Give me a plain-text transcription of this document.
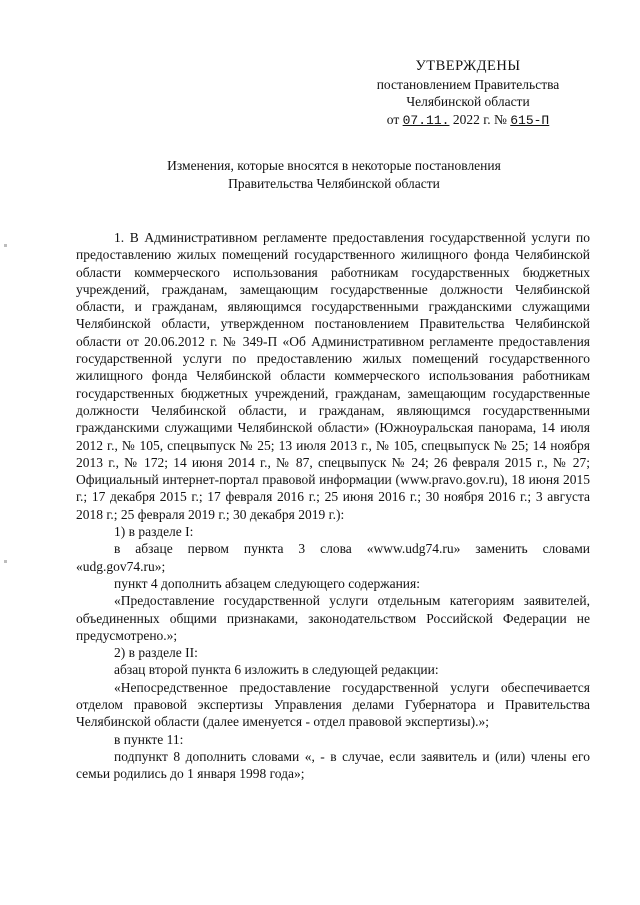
УТВЕРЖДЕНЫ
постановлением Правительства
Челябинской области
от 07.11. 2022 г. № 615-П
Изменения, которые вносятся в некоторые постановления
Правительства Челябинской области

1. В Административном регламенте предоставления государственной услуги по предоставлению жилых помещений государственного жилищного фонда Челябинской области коммерческого использования работникам государственных бюджетных учреждений, гражданам, замещающим государственные должности Челябинской области, и гражданам, являющимся государственными гражданскими служащими Челябинской области, утвержденном постановлением Правительства Челябинской области от 20.06.2012 г. № 349-П «Об Административном регламенте предоставления государственной услуги по предоставлению жилых помещений государственного жилищного фонда Челябинской области коммерческого использования работникам государственных бюджетных учреждений, гражданам, замещающим государственные должности Челябинской области, и гражданам, являющимся государственными гражданскими служащими Челябинской области» (Южноуральская панорама, 14 июля 2012 г., № 105, спецвыпуск № 25; 13 июля 2013 г., № 105, спецвыпуск № 25; 14 ноября 2013 г., № 172; 14 июня 2014 г., № 87, спецвыпуск № 24; 26 февраля 2015 г., № 27; Официальный интернет-портал правовой информации (www.pravo.gov.ru), 18 июня 2015 г.; 17 декабря 2015 г.; 17 февраля 2016 г.; 25 июня 2016 г.; 30 ноября 2016 г.; 3 августа 2018 г.; 25 февраля 2019 г.; 30 декабря 2019 г.):

1) в разделе I:

в абзаце первом пункта 3 слова «www.udg74.ru» заменить словами «udg.gov74.ru»;

пункт 4 дополнить абзацем следующего содержания:

«Предоставление государственной услуги отдельным категориям заявителей, объединенных общими признаками, законодательством Российской Федерации не предусмотрено.»;

2) в разделе II:

абзац второй пункта 6 изложить в следующей редакции:

«Непосредственное предоставление государственной услуги обеспечивается отделом правовой экспертизы Управления делами Губернатора и Правительства Челябинской области (далее именуется - отдел правовой экспертизы).»;

в пункте 11:

подпункт 8 дополнить словами «, - в случае, если заявитель и (или) члены его семьи родились до 1 января 1998 года»;
